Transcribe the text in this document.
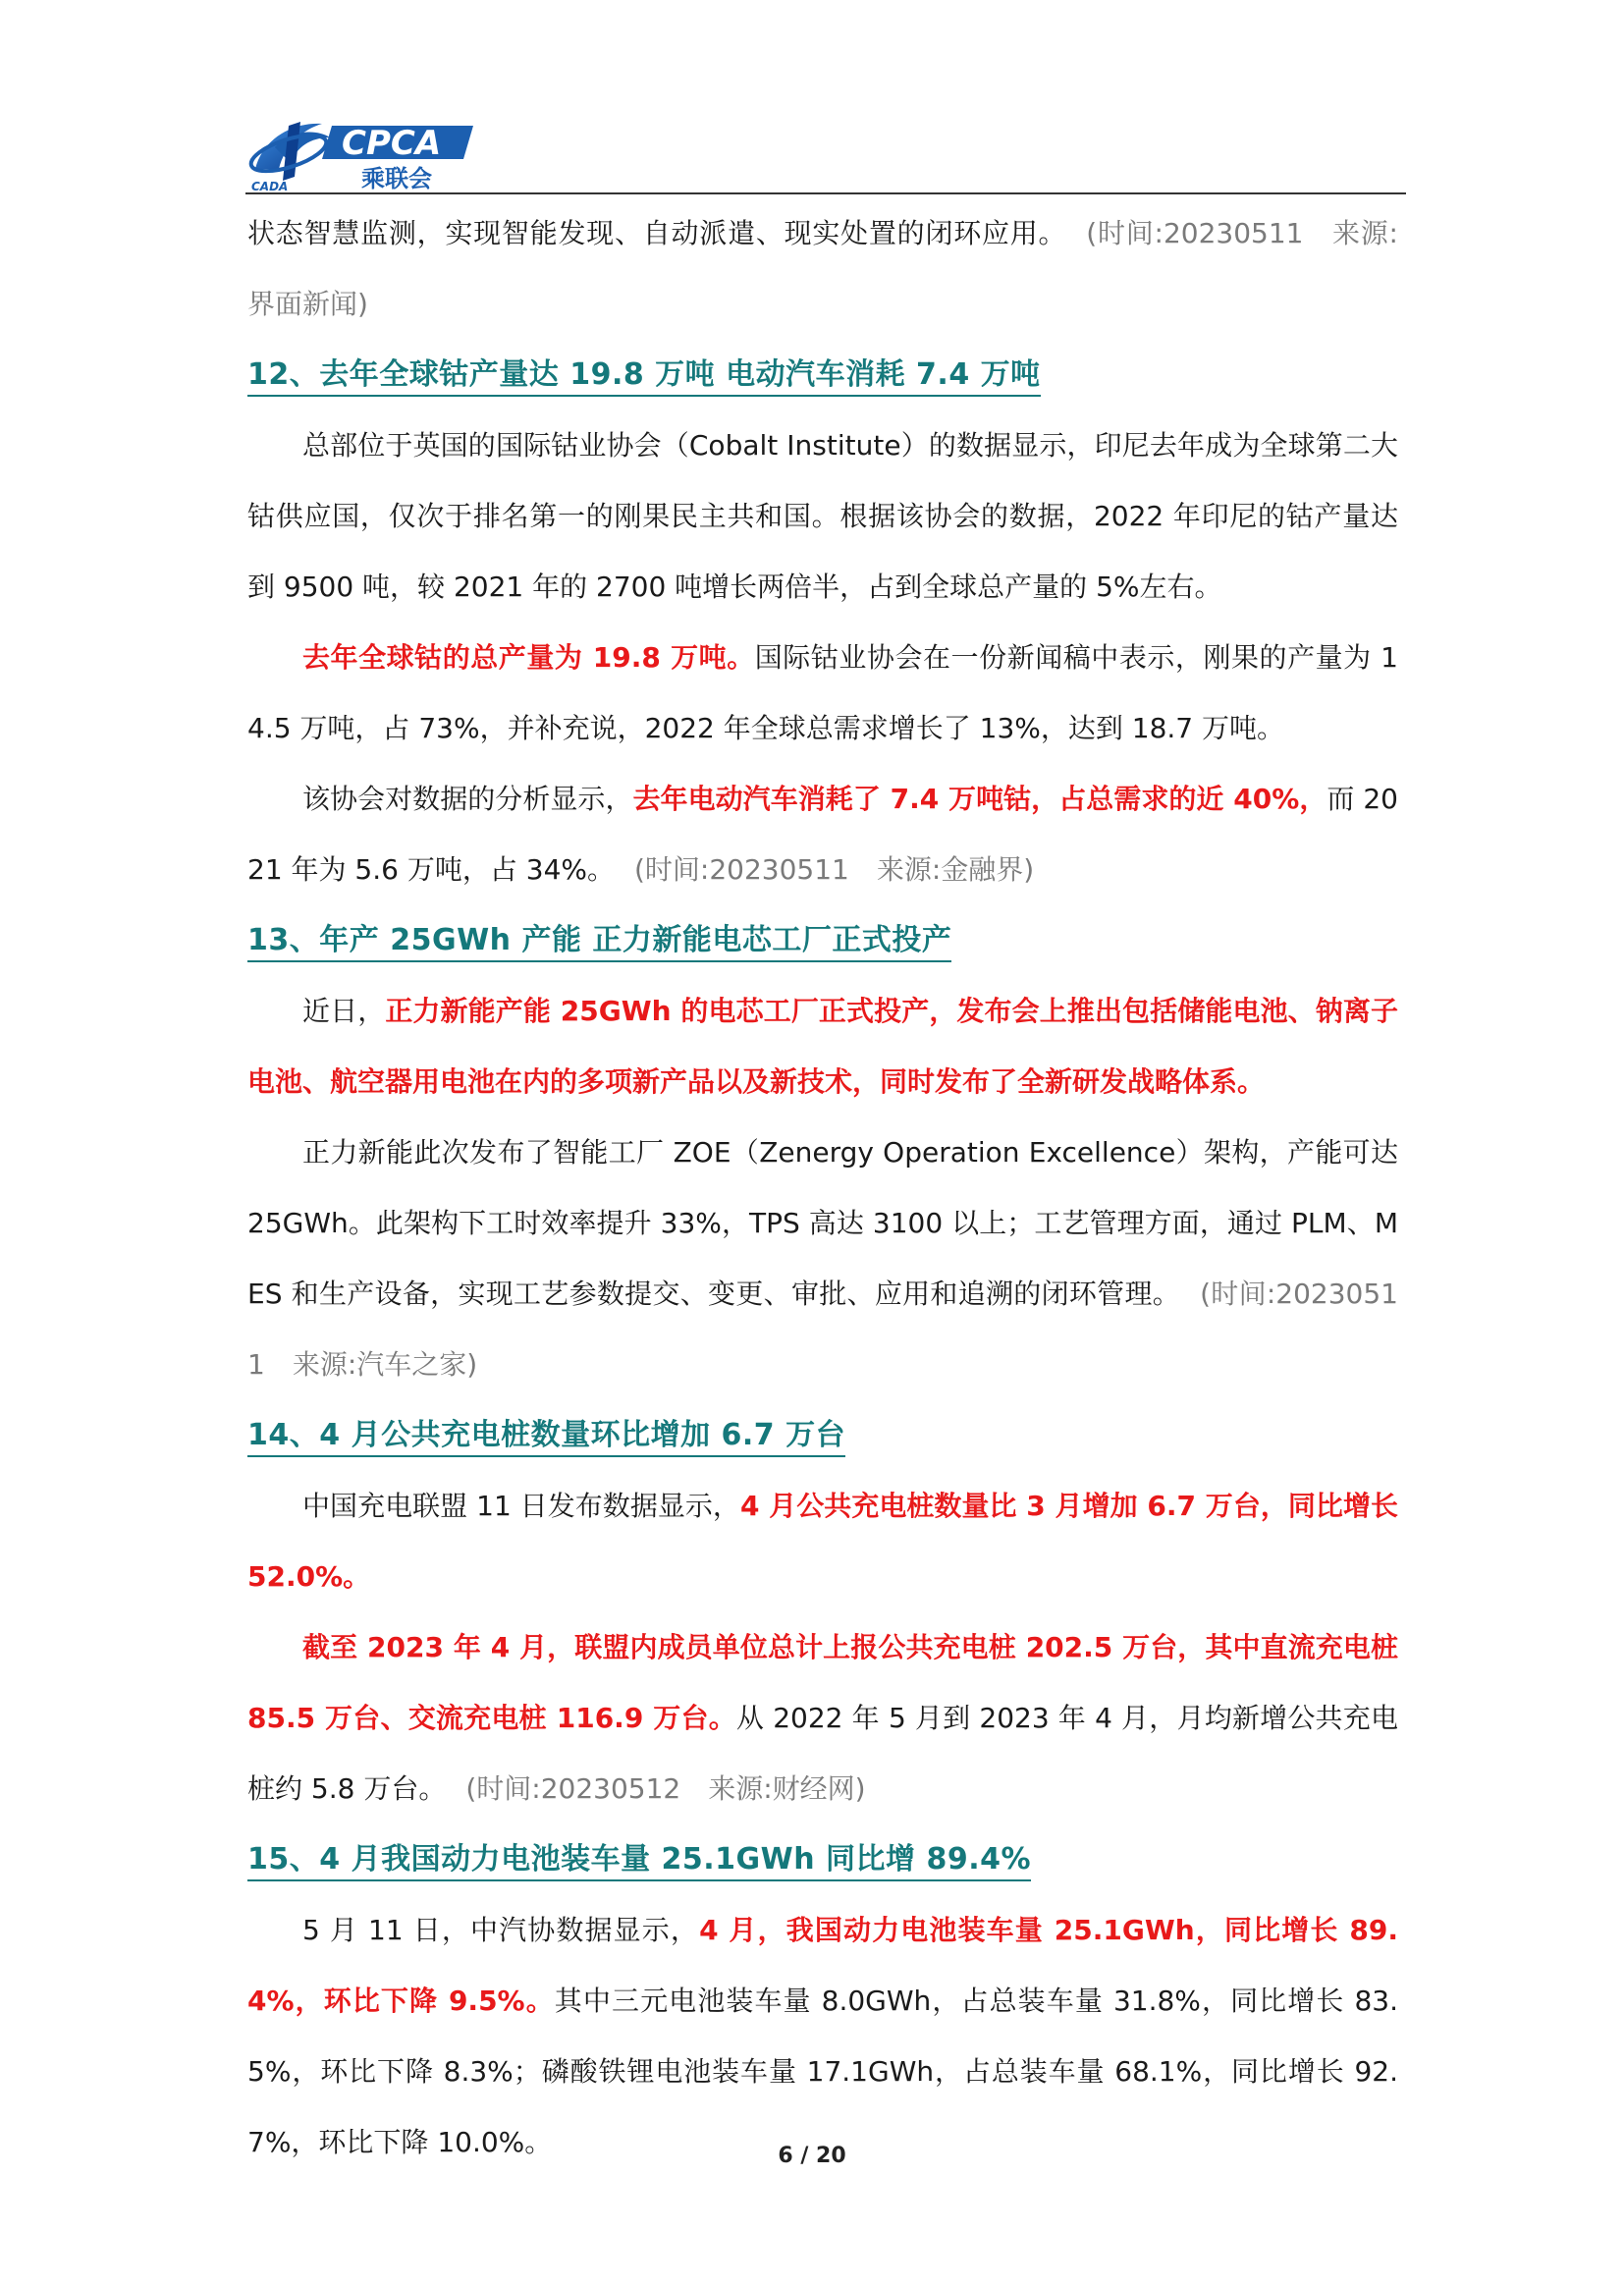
CPCA
乘联会
CADA

状态智慧监测，实现智能发现、自动派遣、现实处置的闭环应用。 (时间:20230511　来源:界面新闻)

12、去年全球钴产量达 19.8 万吨 电动汽车消耗 7.4 万吨

总部位于英国的国际钴业协会（Cobalt Institute）的数据显示，印尼去年成为全球第二大钴供应国，仅次于排名第一的刚果民主共和国。根据该协会的数据，2022 年印尼的钴产量达到 9500 吨，较 2021 年的 2700 吨增长两倍半，占到全球总产量的 5%左右。

去年全球钴的总产量为 19.8 万吨。国际钴业协会在一份新闻稿中表示，刚果的产量为 14.5 万吨，占 73%，并补充说，2022 年全球总需求增长了 13%，达到 18.7 万吨。

该协会对数据的分析显示，去年电动汽车消耗了 7.4 万吨钴，占总需求的近 40%，而 2021 年为 5.6 万吨，占 34%。 (时间:20230511　来源:金融界)

13、年产 25GWh 产能 正力新能电芯工厂正式投产

近日，正力新能产能 25GWh 的电芯工厂正式投产，发布会上推出包括储能电池、钠离子电池、航空器用电池在内的多项新产品以及新技术，同时发布了全新研发战略体系。

正力新能此次发布了智能工厂 ZOE（Zenergy Operation Excellence）架构，产能可达 25GWh。此架构下工时效率提升 33%，TPS 高达 3100 以上；工艺管理方面，通过 PLM、MES 和生产设备，实现工艺参数提交、变更、审批、应用和追溯的闭环管理。 (时间:20230511　来源:汽车之家)

14、4 月公共充电桩数量环比增加 6.7 万台

中国充电联盟 11 日发布数据显示，4 月公共充电桩数量比 3 月增加 6.7 万台，同比增长 52.0%。

截至 2023 年 4 月，联盟内成员单位总计上报公共充电桩 202.5 万台，其中直流充电桩 85.5 万台、交流充电桩 116.9 万台。从 2022 年 5 月到 2023 年 4 月，月均新增公共充电桩约 5.8 万台。 (时间:20230512　来源:财经网)

15、4 月我国动力电池装车量 25.1GWh 同比增 89.4%

5 月 11 日，中汽协数据显示，4 月，我国动力电池装车量 25.1GWh，同比增长 89.4%，环比下降 9.5%。其中三元电池装车量 8.0GWh，占总装车量 31.8%，同比增长 83.5%，环比下降 8.3%；磷酸铁锂电池装车量 17.1GWh，占总装车量 68.1%，同比增长 92.7%，环比下降 10.0%。	6 / 20
